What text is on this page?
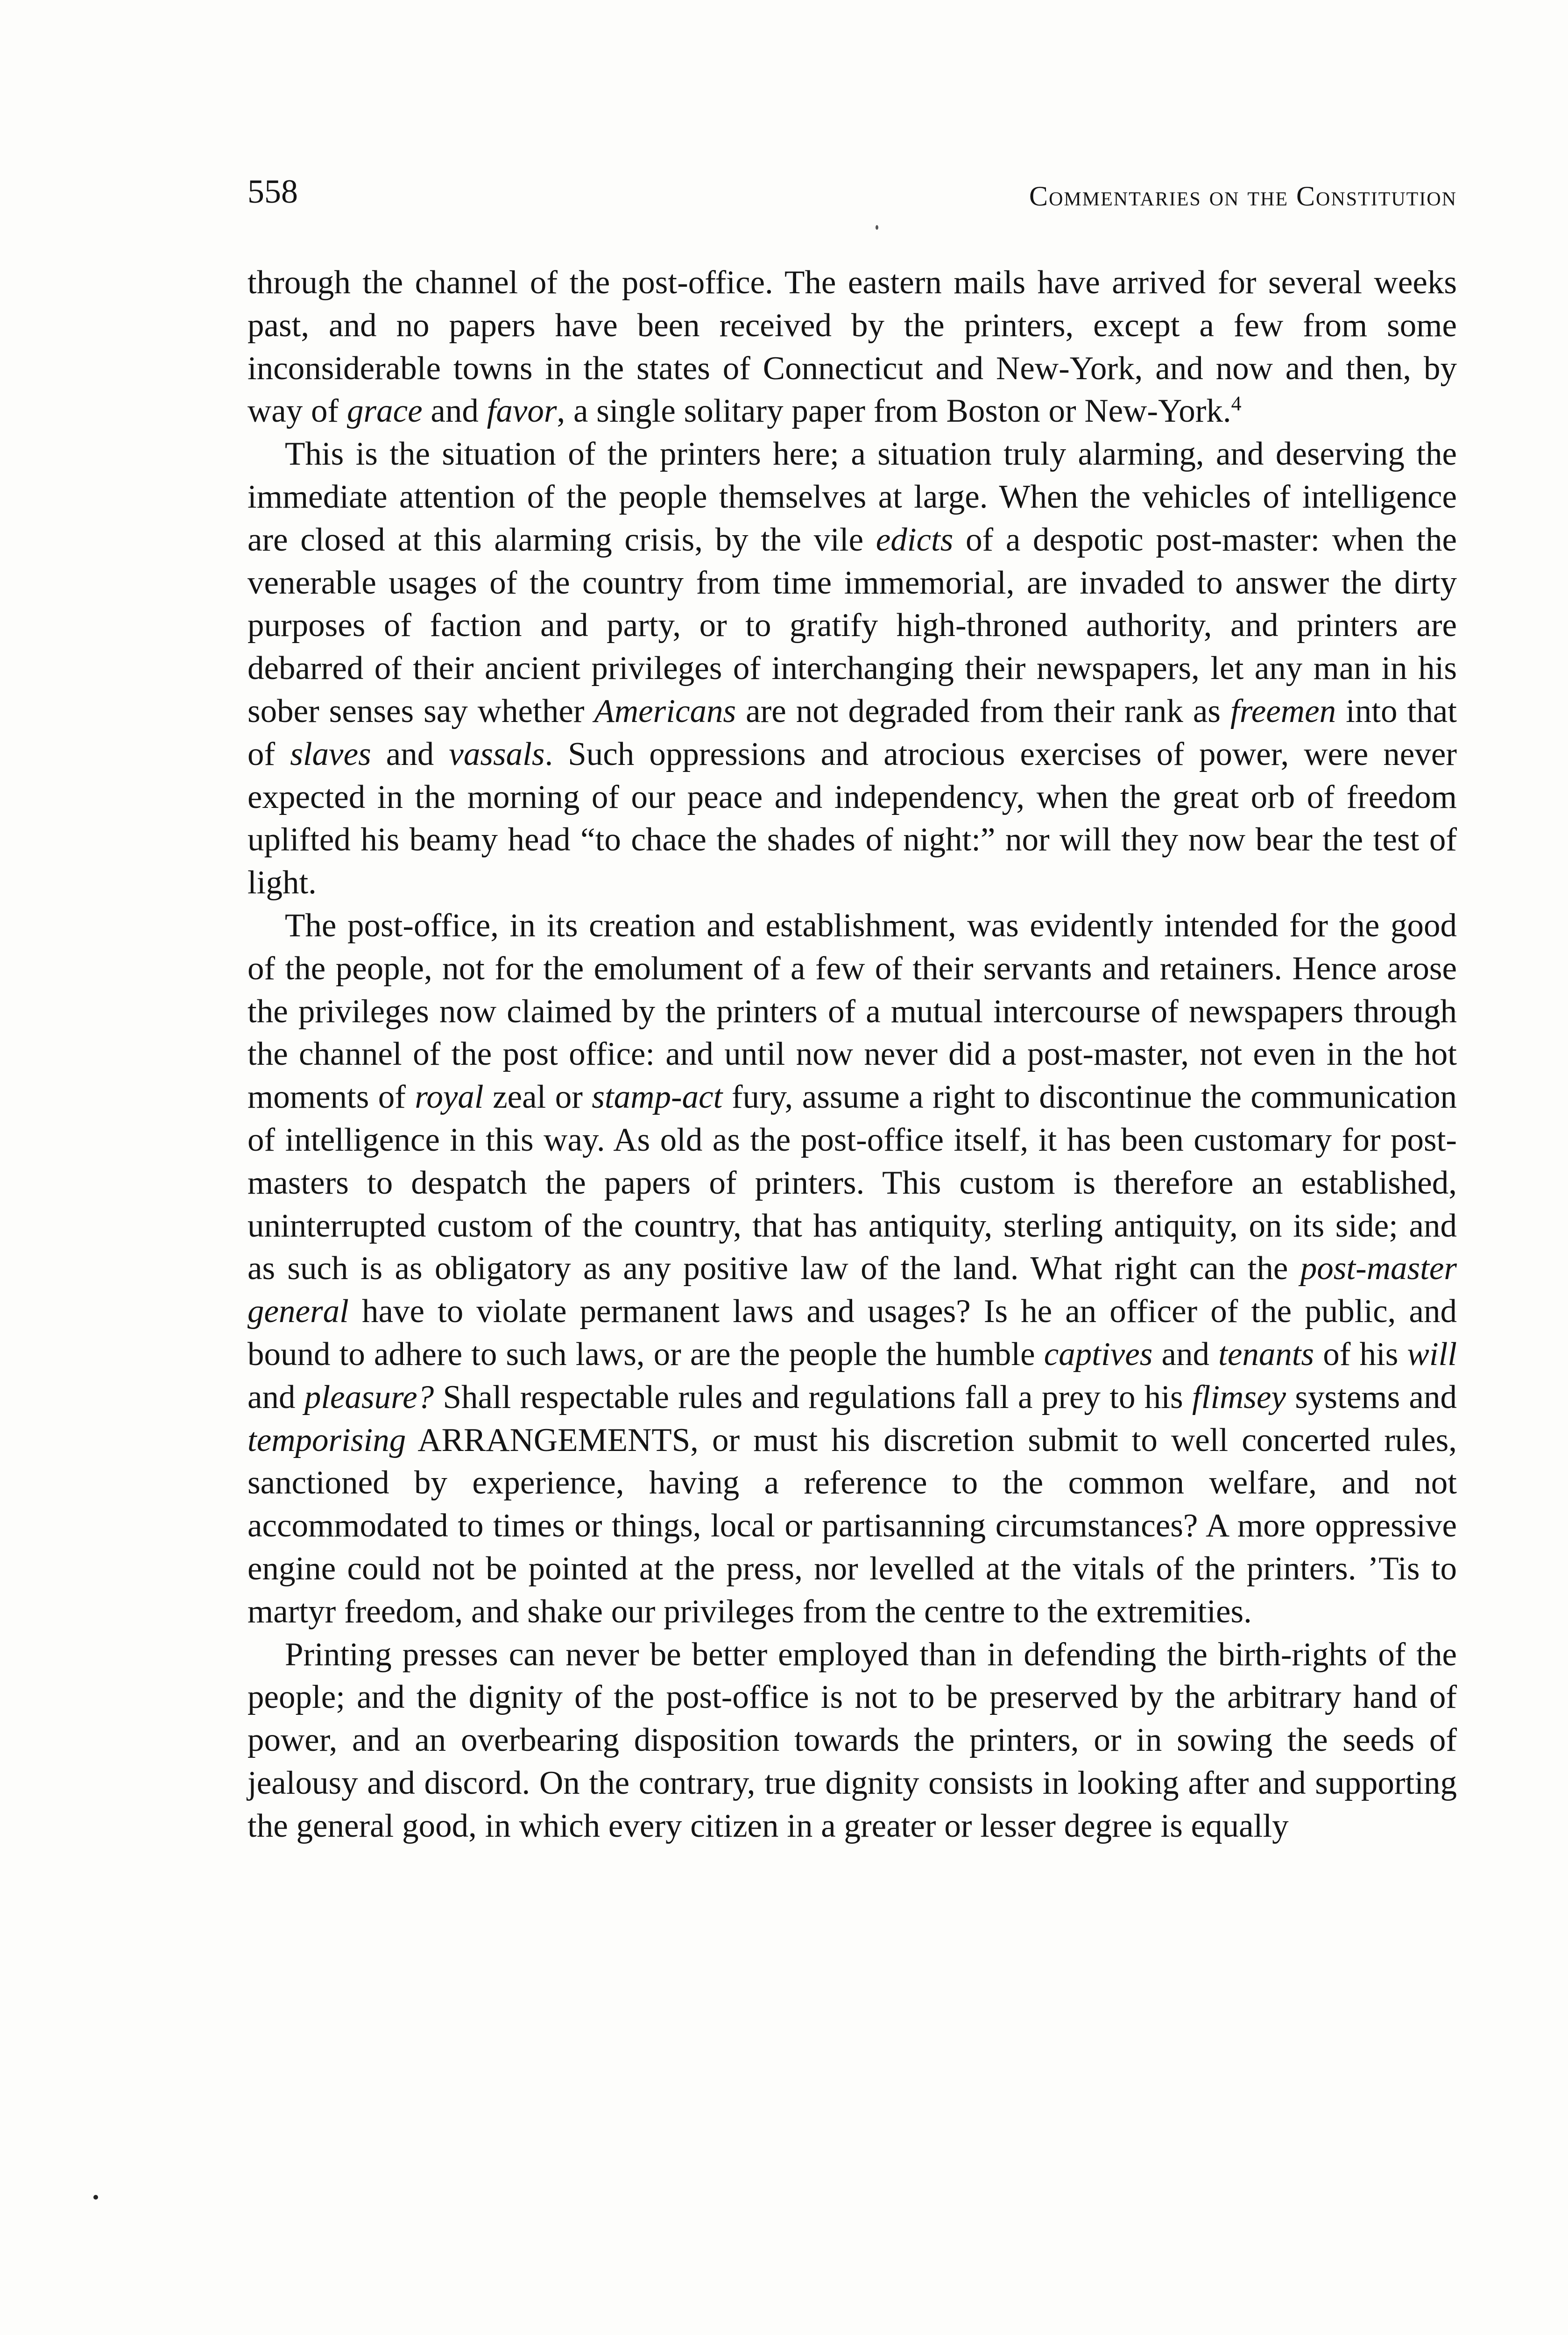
558	Commentaries on the Constitution

through the channel of the post-office. The eastern mails have arrived for several weeks past, and no papers have been received by the printers, except a few from some inconsiderable towns in the states of Connecticut and New-York, and now and then, by way of grace and favor, a single solitary paper from Boston or New-York.$^4$

This is the situation of the printers here; a situation truly alarming, and deserving the immediate attention of the people themselves at large. When the vehicles of intelligence are closed at this alarming crisis, by the vile edicts of a despotic post-master: when the venerable usages of the country from time immemorial, are invaded to answer the dirty purposes of faction and party, or to gratify high-throned authority, and printers are debarred of their ancient privileges of interchanging their newspapers, let any man in his sober senses say whether Americans are not degraded from their rank as freemen into that of slaves and vassals. Such oppressions and atrocious exercises of power, were never expected in the morning of our peace and independency, when the great orb of freedom uplifted his beamy head “to chace the shades of night:” nor will they now bear the test of light.

The post-office, in its creation and establishment, was evidently intended for the good of the people, not for the emolument of a few of their servants and retainers. Hence arose the privileges now claimed by the printers of a mutual intercourse of newspapers through the channel of the post office: and until now never did a post-master, not even in the hot moments of royal zeal or stamp-act fury, assume a right to discontinue the communication of intelligence in this way. As old as the post-office itself, it has been customary for post-masters to despatch the papers of printers. This custom is therefore an established, uninterrupted custom of the country, that has antiquity, sterling antiquity, on its side; and as such is as obligatory as any positive law of the land. What right can the post-master general have to violate permanent laws and usages? Is he an officer of the public, and bound to adhere to such laws, or are the people the humble captives and tenants of his will and pleasure? Shall respectable rules and regulations fall a prey to his flimsey systems and temporising ARRANGEMENTS, or must his discretion submit to well concerted rules, sanctioned by experience, having a reference to the common welfare, and not accommodated to times or things, local or partisanning circumstances? A more oppressive engine could not be pointed at the press, nor levelled at the vitals of the printers. ’Tis to martyr freedom, and shake our privileges from the centre to the extremities.

Printing presses can never be better employed than in defending the birth-rights of the people; and the dignity of the post-office is not to be preserved by the arbitrary hand of power, and an overbearing disposition towards the printers, or in sowing the seeds of jealousy and discord. On the contrary, true dignity consists in looking after and supporting the general good, in which every citizen in a greater or lesser degree is equally
